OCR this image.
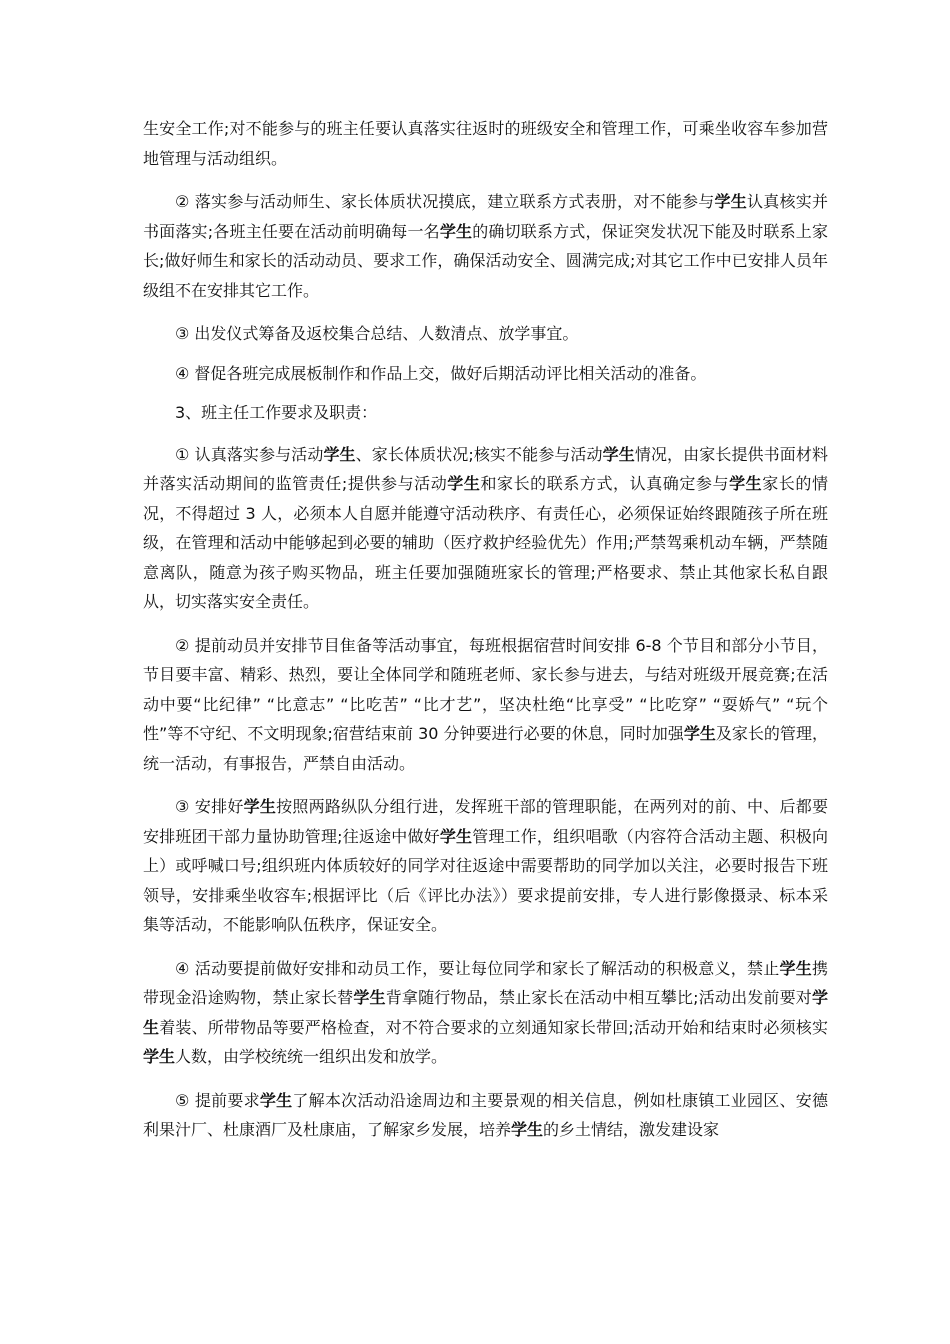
生安全工作;对不能参与的班主任要认真落实往返时的班级安全和管理工作，可乘坐收容车参加营地管理与活动组织。

② 落实参与活动师生、家长体质状况摸底，建立联系方式表册，对不能参与学生认真核实并书面落实;各班主任要在活动前明确每一名学生的确切联系方式，保证突发状况下能及时联系上家长;做好师生和家长的活动动员、要求工作，确保活动安全、圆满完成;对其它工作中已安排人员年级组不在安排其它工作。

③ 出发仪式筹备及返校集合总结、人数清点、放学事宜。

④ 督促各班完成展板制作和作品上交，做好后期活动评比相关活动的准备。

3、班主任工作要求及职责：

① 认真落实参与活动学生、家长体质状况;核实不能参与活动学生情况，由家长提供书面材料并落实活动期间的监管责任;提供参与活动学生和家长的联系方式，认真确定参与学生家长的情况，不得超过 3 人，必须本人自愿并能遵守活动秩序、有责任心，必须保证始终跟随孩子所在班级，在管理和活动中能够起到必要的辅助（医疗救护经验优先）作用;严禁驾乘机动车辆，严禁随意离队，随意为孩子购买物品，班主任要加强随班家长的管理;严格要求、禁止其他家长私自跟从，切实落实安全责任。

② 提前动员并安排节目隹备等活动事宜，每班根据宿营时间安排 6-8 个节目和部分小节目，节目要丰富、精彩、热烈，要让全体同学和随班老师、家长参与进去，与结对班级开展竞赛;在活动中要“比纪律” “比意志” “比吃苦” “比才艺”，坚决杜绝“比享受” “比吃穿” “耍娇气” “玩个性”等不守纪、不文明现象;宿营结束前 30 分钟要进行必要的休息，同时加强学生及家长的管理，统一活动，有事报告，严禁自由活动。

③ 安排好学生按照两路纵队分组行进，发挥班干部的管理职能，在两列对的前、中、后都要安排班团干部力量协助管理;往返途中做好学生管理工作，组织唱歌（内容符合活动主题、积极向上）或呼喊口号;组织班内体质较好的同学对往返途中需要帮助的同学加以关注，必要时报告下班领导，安排乘坐收容车;根据评比（后《评比办法》）要求提前安排，专人进行影像摄录、标本采集等活动，不能影响队伍秩序，保证安全。

④ 活动要提前做好安排和动员工作，要让每位同学和家长了解活动的积极意义，禁止学生携带现金沿途购物，禁止家长替学生背拿随行物品，禁止家长在活动中相互攀比;活动出发前要对学生着装、所带物品等要严格检查，对不符合要求的立刻通知家长带回;活动开始和结束时必须核实学生人数，由学校统统一组织出发和放学。

⑤ 提前要求学生了解本次活动沿途周边和主要景观的相关信息，例如杜康镇工业园区、安德利果汁厂、杜康酒厂及杜康庙，了解家乡发展，培养学生的乡土情结，激发建设家
